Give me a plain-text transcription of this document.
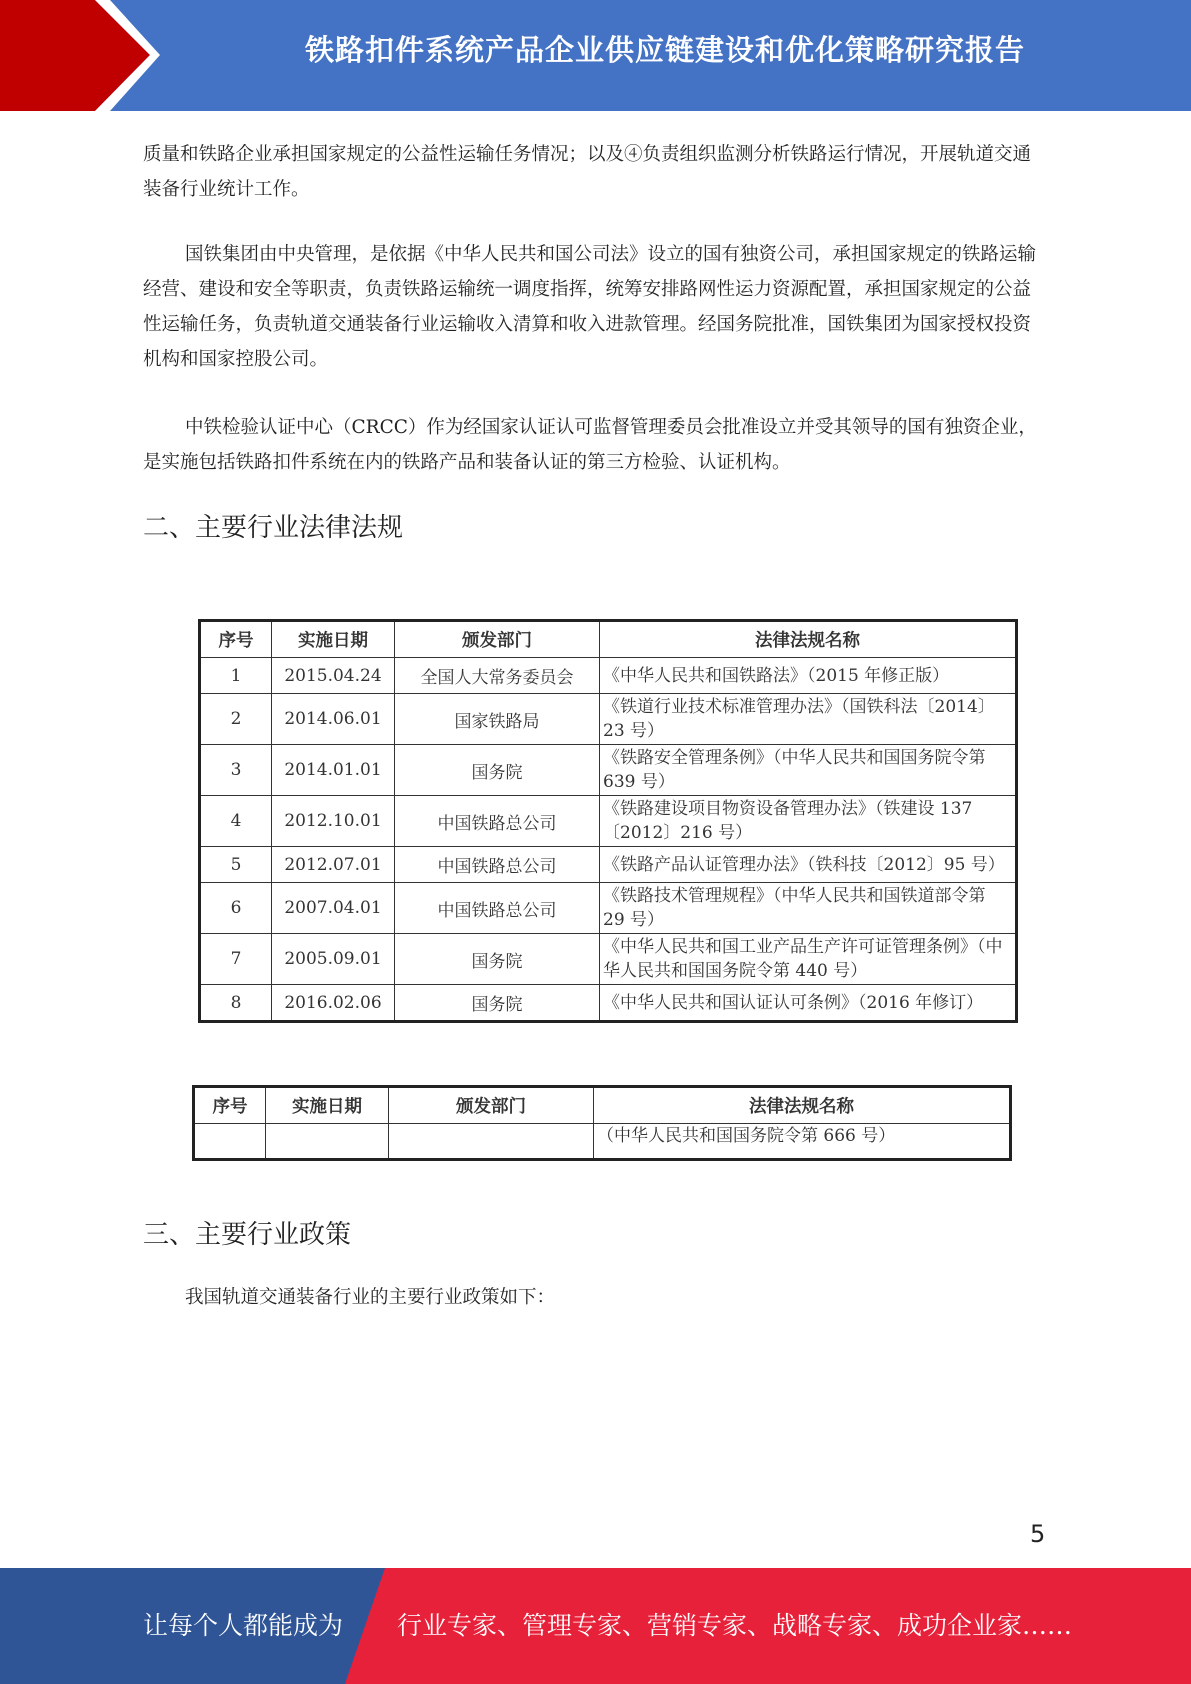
铁路扣件系统产品企业供应链建设和优化策略研究报告

质量和铁路企业承担国家规定的公益性运输任务情况；以及④负责组织监测分析铁路运行情况，开展轨道交通装备行业统计工作。

国铁集团由中央管理，是依据《中华人民共和国公司法》设立的国有独资公司，承担国家规定的铁路运输经营、建设和安全等职责，负责铁路运输统一调度指挥，统筹安排路网性运力资源配置，承担国家规定的公益性运输任务，负责轨道交通装备行业运输收入清算和收入进款管理。经国务院批准，国铁集团为国家授权投资机构和国家控股公司。

中铁检验认证中心（CRCC）作为经国家认证认可监督管理委员会批准设立并受其领导的国有独资企业，是实施包括铁路扣件系统在内的铁路产品和装备认证的第三方检验、认证机构。

二、主要行业法律法规
序号	实施日期	颁发部门	法律法规名称
1	2015.04.24	全国人大常务委员会	《中华人民共和国铁路法》（2015 年修正版）
2	2014.06.01	国家铁路局	《铁道行业技术标准管理办法》（国铁科法〔2014〕23 号）
3	2014.01.01	国务院	《铁路安全管理条例》（中华人民共和国国务院令第 639 号）
4	2012.10.01	中国铁路总公司	《铁路建设项目物资设备管理办法》（铁建设 137〔2012〕216 号）
5	2012.07.01	中国铁路总公司	《铁路产品认证管理办法》（铁科技〔2012〕95 号）
6	2007.04.01	中国铁路总公司	《铁路技术管理规程》（中华人民共和国铁道部令第 29 号）
7	2005.09.01	国务院	《中华人民共和国工业产品生产许可证管理条例》（中华人民共和国国务院令第 440 号）
8	2016.02.06	国务院	《中华人民共和国认证认可条例》（2016 年修订）
序号	实施日期	颁发部门	法律法规名称
			（中华人民共和国国务院令第 666 号）
三、主要行业政策

我国轨道交通装备行业的主要行业政策如下：

5
让每个人都能成为 行业专家、管理专家、营销专家、战略专家、成功企业家……
